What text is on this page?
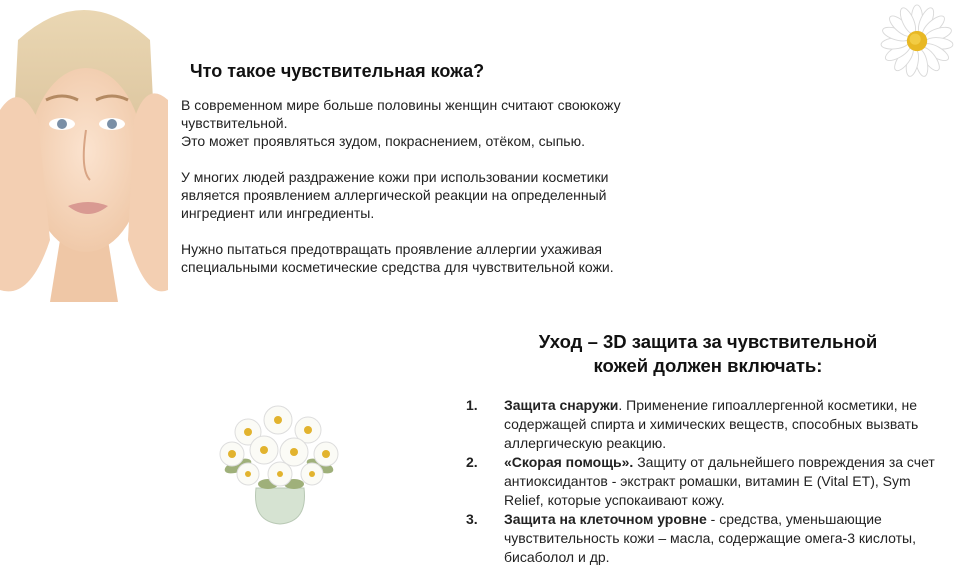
Что такое чувствительная кожа?

В современном мире больше половины женщин считают своюкожу чувствительной.
Это может проявляться зудом, покраснением, отёком, сыпью.

У многих людей раздражение кожи при использовании косметики является проявлением аллергической реакции на определенный ингредиент или ингредиенты.

Нужно пытаться предотвращать проявление аллергии ухаживая специальными косметические средства для чувствительной кожи.

Уход – 3D защита за чувствительной
кожей должен включать:
1. Защита снаружи. Применение гипоаллергенной косметики, не содержащей спирта и химических веществ, способных вызвать аллергическую реакцию.
2. «Скорая помощь». Защиту от дальнейшего повреждения за счет антиоксидантов - экстракт ромашки, витамин E (Vital ET), Sym Relief, которые успокаивают кожу.
3. Защита на клеточном уровне - средства, уменьшающие чувствительность кожи – масла, содержащие омега-3 кислоты, бисаболол и др.
